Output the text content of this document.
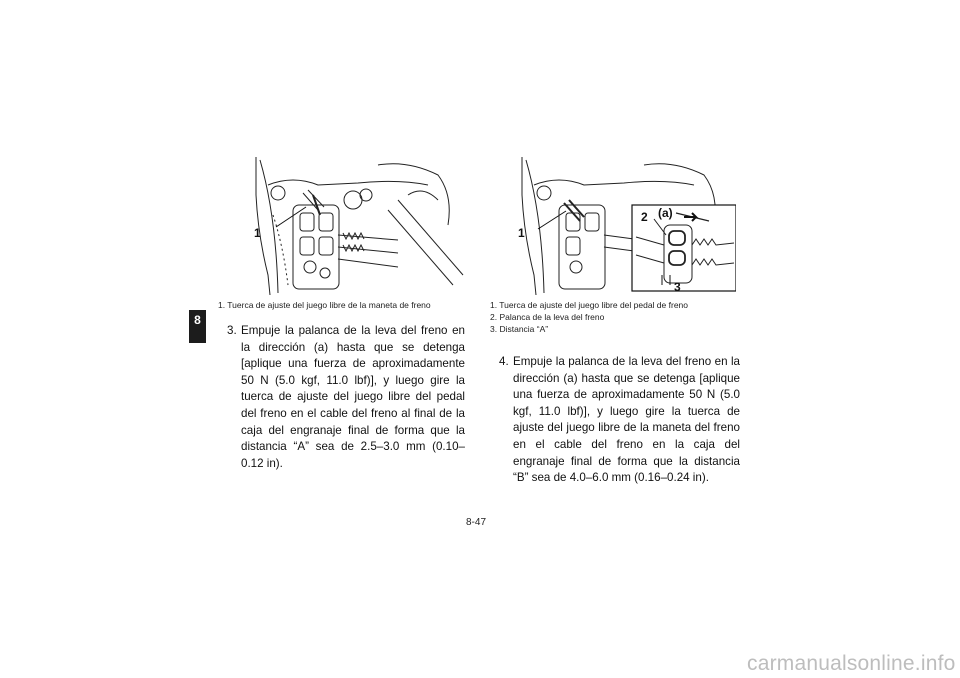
8
1	1
2
3
(a)
1. Tuerca de ajuste del juego libre de la maneta de freno	1. Tuerca de ajuste del juego libre del pedal de freno
2. Palanca de la leva del freno
3. Distancia “A”
3. Empuje la palanca de la leva del freno en la dirección (a) hasta que se detenga [aplique una fuerza de aproximadamente 50 N (5.0 kgf, 11.0 lbf)], y luego gire la tuerca de ajuste del juego libre del pedal del freno en el cable del freno al final de la caja del engranaje final de forma que la distancia “A” sea de 2.5–3.0 mm (0.10–0.12 in).
4. Empuje la palanca de la leva del freno en la dirección (a) hasta que se detenga [aplique una fuerza de aproximadamente 50 N (5.0 kgf, 11.0 lbf)], y luego gire la tuerca de ajuste del juego libre de la maneta del freno en el cable del freno en la caja del engranaje final de forma que la distancia “B” sea de 4.0–6.0 mm (0.16–0.24 in).
8-47
carmanualsonline.info
